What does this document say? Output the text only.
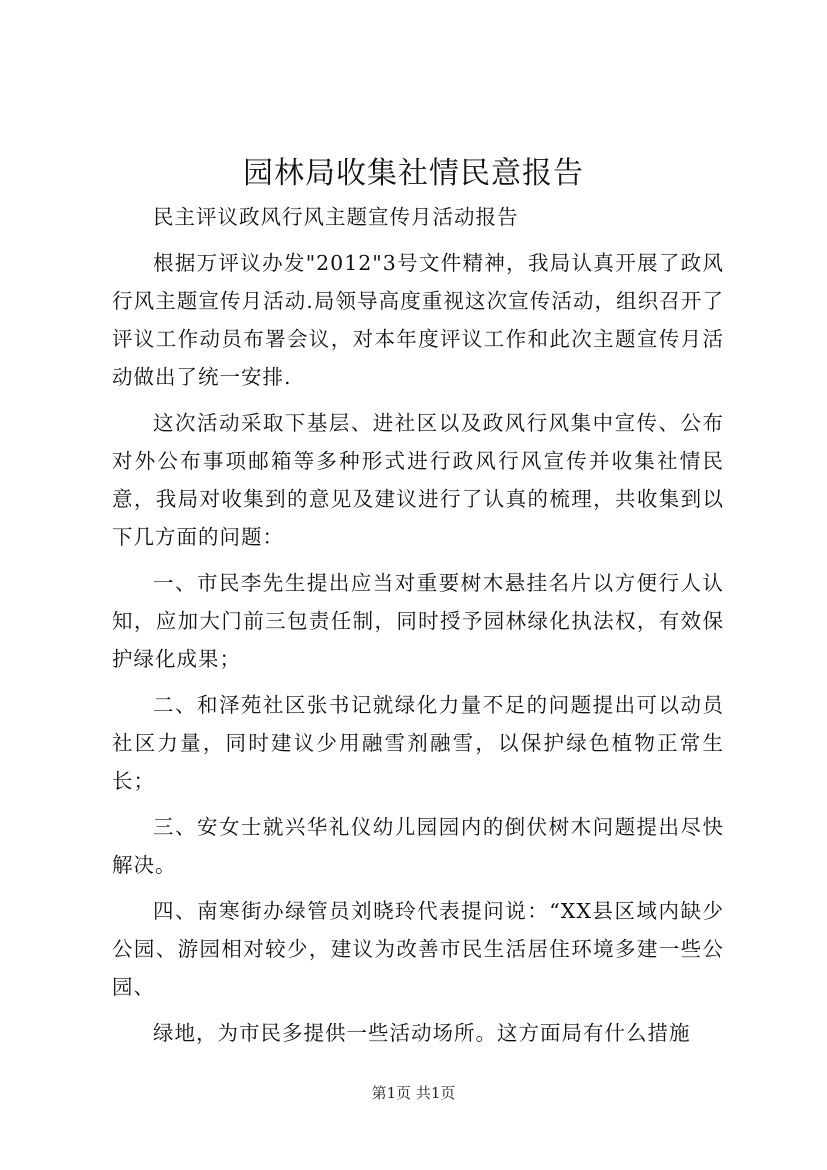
园林局收集社情民意报告

民主评议政风行风主题宣传月活动报告

根据万评议办发"2012"3号文件精神，我局认真开展了政风行风主题宣传月活动.局领导高度重视这次宣传活动，组织召开了评议工作动员布署会议，对本年度评议工作和此次主题宣传月活动做出了统一安排.

这次活动采取下基层、进社区以及政风行风集中宣传、公布对外公布事项邮箱等多种形式进行政风行风宣传并收集社情民意，我局对收集到的意见及建议进行了认真的梳理，共收集到以下几方面的问题：

一、市民李先生提出应当对重要树木悬挂名片以方便行人认知，应加大门前三包责任制，同时授予园林绿化执法权，有效保护绿化成果；

二、和泽苑社区张书记就绿化力量不足的问题提出可以动员社区力量，同时建议少用融雪剂融雪，以保护绿色植物正常生长；

三、安女士就兴华礼仪幼儿园园内的倒伏树木问题提出尽快解决。

四、南寒街办绿管员刘晓玲代表提问说：“XX县区域内缺少公园、游园相对较少，建议为改善市民生活居住环境多建一些公园、

绿地，为市民多提供一些活动场所。这方面局有什么措施

第1页 共1页
